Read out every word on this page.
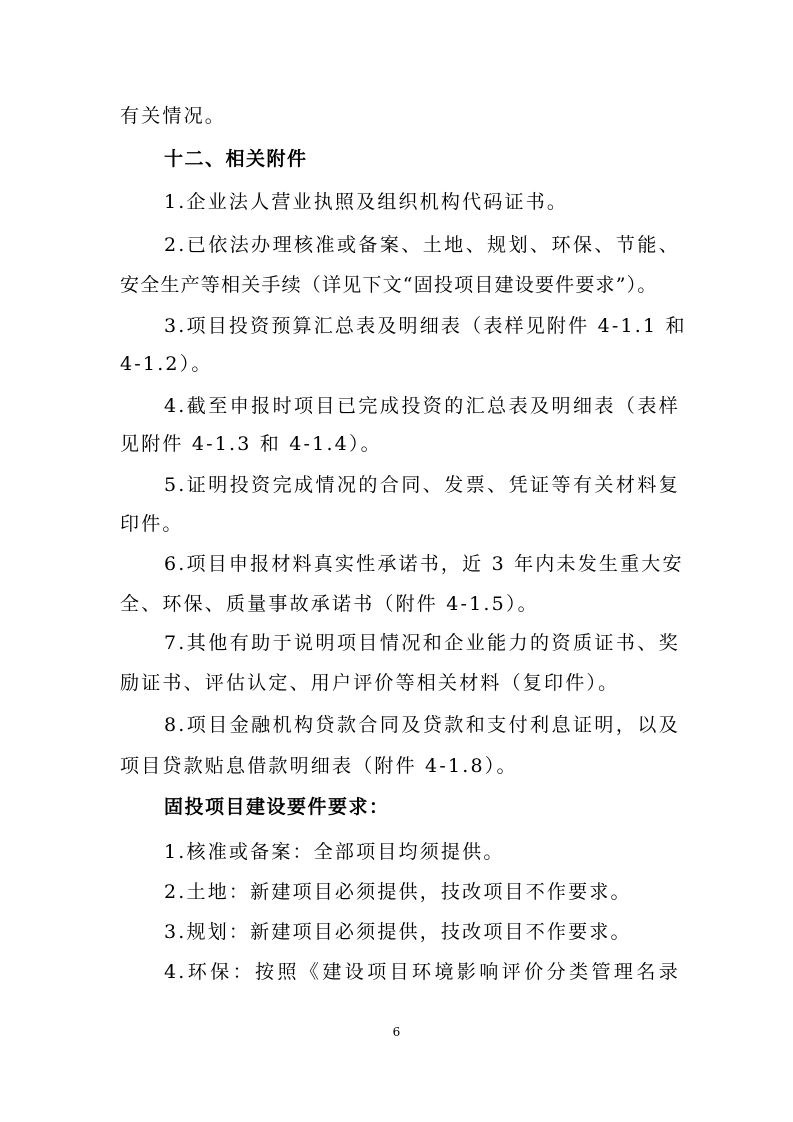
有关情况。
十二、相关附件
1.企业法人营业执照及组织机构代码证书。
2.已依法办理核准或备案、土地、规划、环保、节能、
安全生产等相关手续（详见下文“固投项目建设要件要求”）。
3.项目投资预算汇总表及明细表（表样见附件 4-1.1 和
4-1.2）。
4.截至申报时项目已完成投资的汇总表及明细表（表样
见附件 4-1.3 和 4-1.4）。
5.证明投资完成情况的合同、发票、凭证等有关材料复
印件。
6.项目申报材料真实性承诺书，近 3 年内未发生重大安
全、环保、质量事故承诺书（附件 4-1.5）。
7.其他有助于说明项目情况和企业能力的资质证书、奖
励证书、评估认定、用户评价等相关材料（复印件）。
8.项目金融机构贷款合同及贷款和支付利息证明，以及
项目贷款贴息借款明细表（附件 4-1.8）。
固投项目建设要件要求：
1.核准或备案：全部项目均须提供。
2.土地：新建项目必须提供，技改项目不作要求。
3.规划：新建项目必须提供，技改项目不作要求。
4.环保：按照《建设项目环境影响评价分类管理名录
6
